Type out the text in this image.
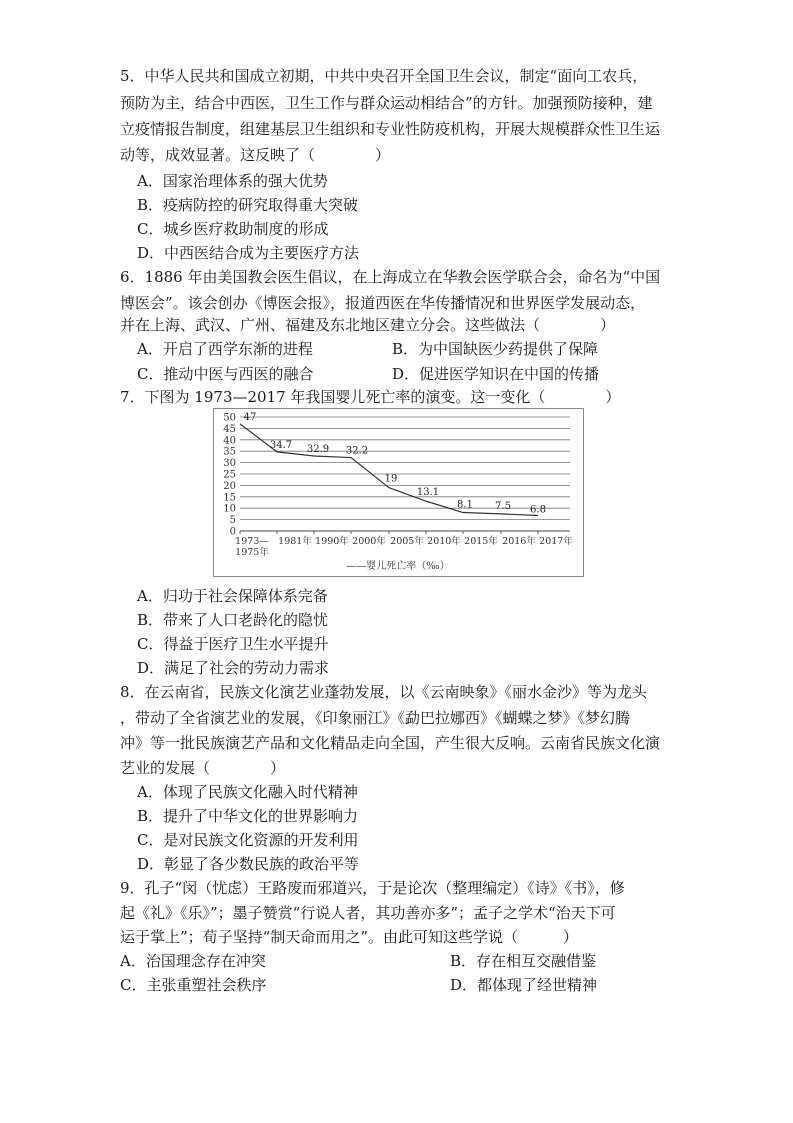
5．中华人民共和国成立初期，中共中央召开全国卫生会议，制定“面向工农兵，
预防为主，结合中西医，卫生工作与群众运动相结合”的方针。加强预防接种，建
立疫情报告制度，组建基层卫生组织和专业性防疫机构，开展大规模群众性卫生运
动等，成效显著。这反映了（　　　　）
A．国家治理体系的强大优势
B．疫病防控的研究取得重大突破
C．城乡医疗救助制度的形成
D．中西医结合成为主要医疗方法
6．1886 年由美国教会医生倡议，在上海成立在华教会医学联合会，命名为“中国
博医会”。该会创办《博医会报》，报道西医在华传播情况和世界医学发展动态，
并在上海、武汉、广州、福建及东北地区建立分会。这些做法（　　　　）
A．开启了西学东渐的进程	B．为中国缺医少药提供了保障
C．推动中医与西医的融合	D．促进医学知识在中国的传播
7．下图为 1973—2017 年我国婴儿死亡率的演变。这一变化（　　　　）
0
5
10
15
20
25
30
35
40
45
50
1973—
1975年
1981年 1990年 2000年 2005年 2010年 2015年 2016年 2017年
47
34.7 32.9 32.2
19
13.1
8.1 7.5 6.8
——婴儿死亡率（‰）
A．归功于社会保障体系完备
B．带来了人口老龄化的隐忧
C．得益于医疗卫生水平提升
D．满足了社会的劳动力需求
8．在云南省，民族文化演艺业蓬勃发展，以《云南映象》《丽水金沙》等为龙头
，带动了全省演艺业的发展，《印象丽江》《勐巴拉娜西》《蝴蝶之梦》《梦幻腾
冲》等一批民族演艺产品和文化精品走向全国，产生很大反响。云南省民族文化演
艺业的发展（　　　　）
A．体现了民族文化融入时代精神
B．提升了中华文化的世界影响力
C．是对民族文化资源的开发利用
D．彰显了各少数民族的政治平等
9．孔子“闵（忧虑）王路废而邪道兴，于是论次（整理编定）《诗》《书》，修
起《礼》《乐》”；墨子赞赏“行说人者，其功善亦多”；孟子之学术“治天下可
运于掌上”；荀子坚持“制天命而用之”。由此可知这些学说（　　　）
A．治国理念存在冲突	B．存在相互交融借鉴
C．主张重塑社会秩序	D．都体现了经世精神
